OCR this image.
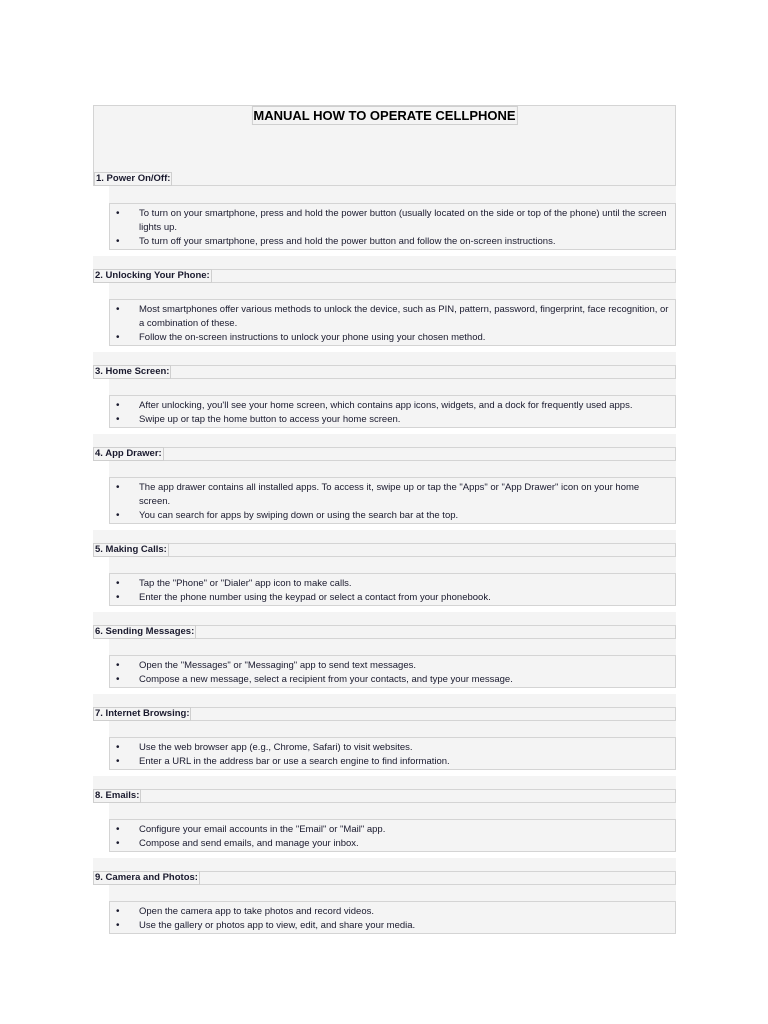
MANUAL HOW TO OPERATE CELLPHONE
1. Power On/Off:
• To turn on your smartphone, press and hold the power button (usually located on the side or top of the phone) until the screen lights up.
• To turn off your smartphone, press and hold the power button and follow the on-screen instructions.
2. Unlocking Your Phone:
• Most smartphones offer various methods to unlock the device, such as PIN, pattern, password, fingerprint, face recognition, or a combination of these.
• Follow the on-screen instructions to unlock your phone using your chosen method.
3. Home Screen:
• After unlocking, you'll see your home screen, which contains app icons, widgets, and a dock for frequently used apps.
• Swipe up or tap the home button to access your home screen.
4. App Drawer:
• The app drawer contains all installed apps. To access it, swipe up or tap the "Apps" or "App Drawer" icon on your home screen.
• You can search for apps by swiping down or using the search bar at the top.
5. Making Calls:
• Tap the "Phone" or "Dialer" app icon to make calls.
• Enter the phone number using the keypad or select a contact from your phonebook.
6. Sending Messages:
• Open the "Messages" or "Messaging" app to send text messages.
• Compose a new message, select a recipient from your contacts, and type your message.
7. Internet Browsing:
• Use the web browser app (e.g., Chrome, Safari) to visit websites.
• Enter a URL in the address bar or use a search engine to find information.
8. Emails:
• Configure your email accounts in the "Email" or "Mail" app.
• Compose and send emails, and manage your inbox.
9. Camera and Photos:
• Open the camera app to take photos and record videos.
• Use the gallery or photos app to view, edit, and share your media.
